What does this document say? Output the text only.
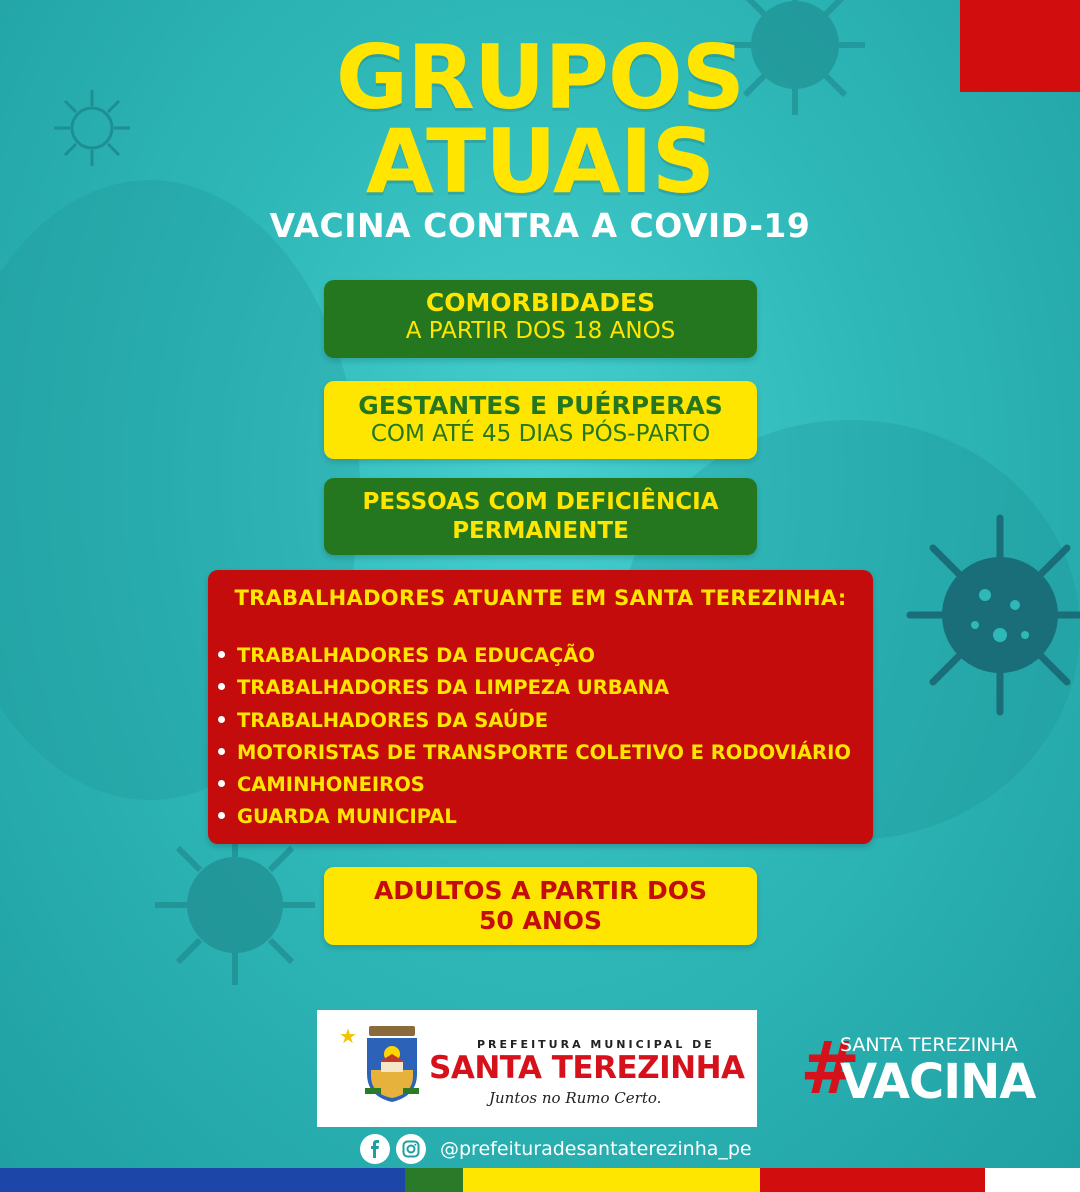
GRUPOS
ATUAIS
VACINA CONTRA A COVID-19
COMORBIDADES
A PARTIR DOS 18 ANOS
GESTANTES E PUÉRPERAS
COM ATÉ 45 DIAS PÓS-PARTO
PESSOAS COM DEFICIÊNCIA
PERMANENTE
TRABALHADORES ATUANTE EM SANTA TEREZINHA:
TRABALHADORES DA EDUCAÇÃO
TRABALHADORES DA LIMPEZA URBANA
TRABALHADORES DA SAÚDE
MOTORISTAS DE TRANSPORTE COLETIVO E RODOVIÁRIO
CAMINHONEIROS
GUARDA MUNICIPAL
ADULTOS A PARTIR DOS
50 ANOS
★	PREFEITURA MUNICIPAL DE
SANTA TEREZINHA
Juntos no Rumo Certo.
@prefeituradesantaterezinha_pe
#
SANTA TEREZINHA
VACINA
